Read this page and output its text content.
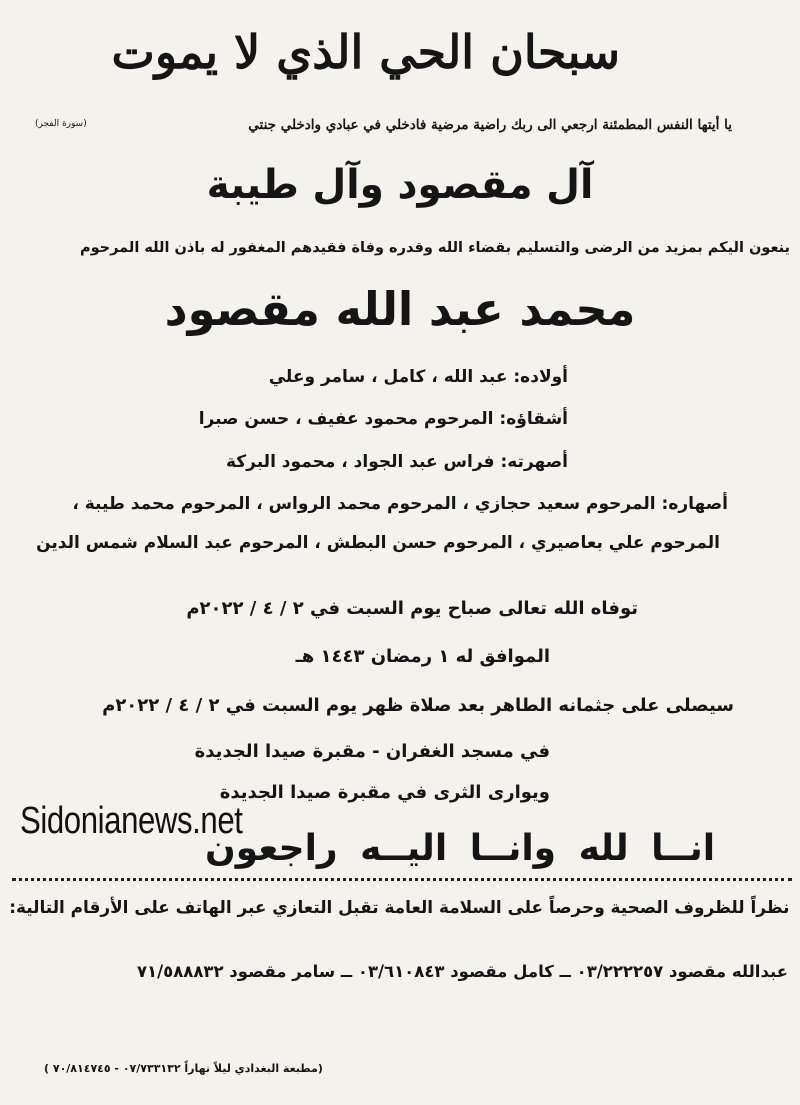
سبحان الحي الذي لا يموت
يا أيتها النفس المطمئنة ارجعي الى ربك راضية مرضية فادخلي في عبادي وادخلي جنتي
(سورة الفجر)
آل مقصود وآل طيبة
ينعون اليكم بمزيد من الرضى والتسليم بقضاء الله وقدره وفاة فقيدهم المغفور له باذن الله المرحوم
محمد عبد الله مقصود
أولاده: عبد الله ، كامل ، سامر وعلي
أشقاؤه: المرحوم محمود عفيف ، حسن صبرا
أصهرته: فراس عبد الجواد ، محمود البركة
أصهاره: المرحوم سعيد حجازي ، المرحوم محمد الرواس ، المرحوم محمد طيبة ،
المرحوم علي بعاصيري ، المرحوم حسن البطش ، المرحوم عبد السلام شمس الدين
توفاه الله تعالى صباح يوم السبت في ٢ / ٤ / ٢٠٢٢م
الموافق له ١ رمضان ١٤٤٣ هـ
سيصلى على جثمانه الطاهر بعد صلاة ظهر يوم السبت في ٢ / ٤ / ٢٠٢٢م
في مسجد الغفران - مقبرة صيدا الجديدة
ويوارى الثرى في مقبرة صيدا الجديدة
Sidonianews.net
انــا لله وانــا اليــه راجعون
نظراً للظروف الصحية وحرصاً على السلامة العامة تقبل التعازي عبر الهاتف على الأرقام التالية:
عبدالله مقصود ٠٣/٢٢٢٢٥٧ ــ كامل مقصود ٠٣/٦١٠٨٤٣ ــ سامر مقصود ٧١/٥٨٨٨٣٢
(مطبعة البغدادي ليلاً نهاراً ٠٧/٧٣٣١٣٢ - ٧٠/٨١٤٧٤٥ )
